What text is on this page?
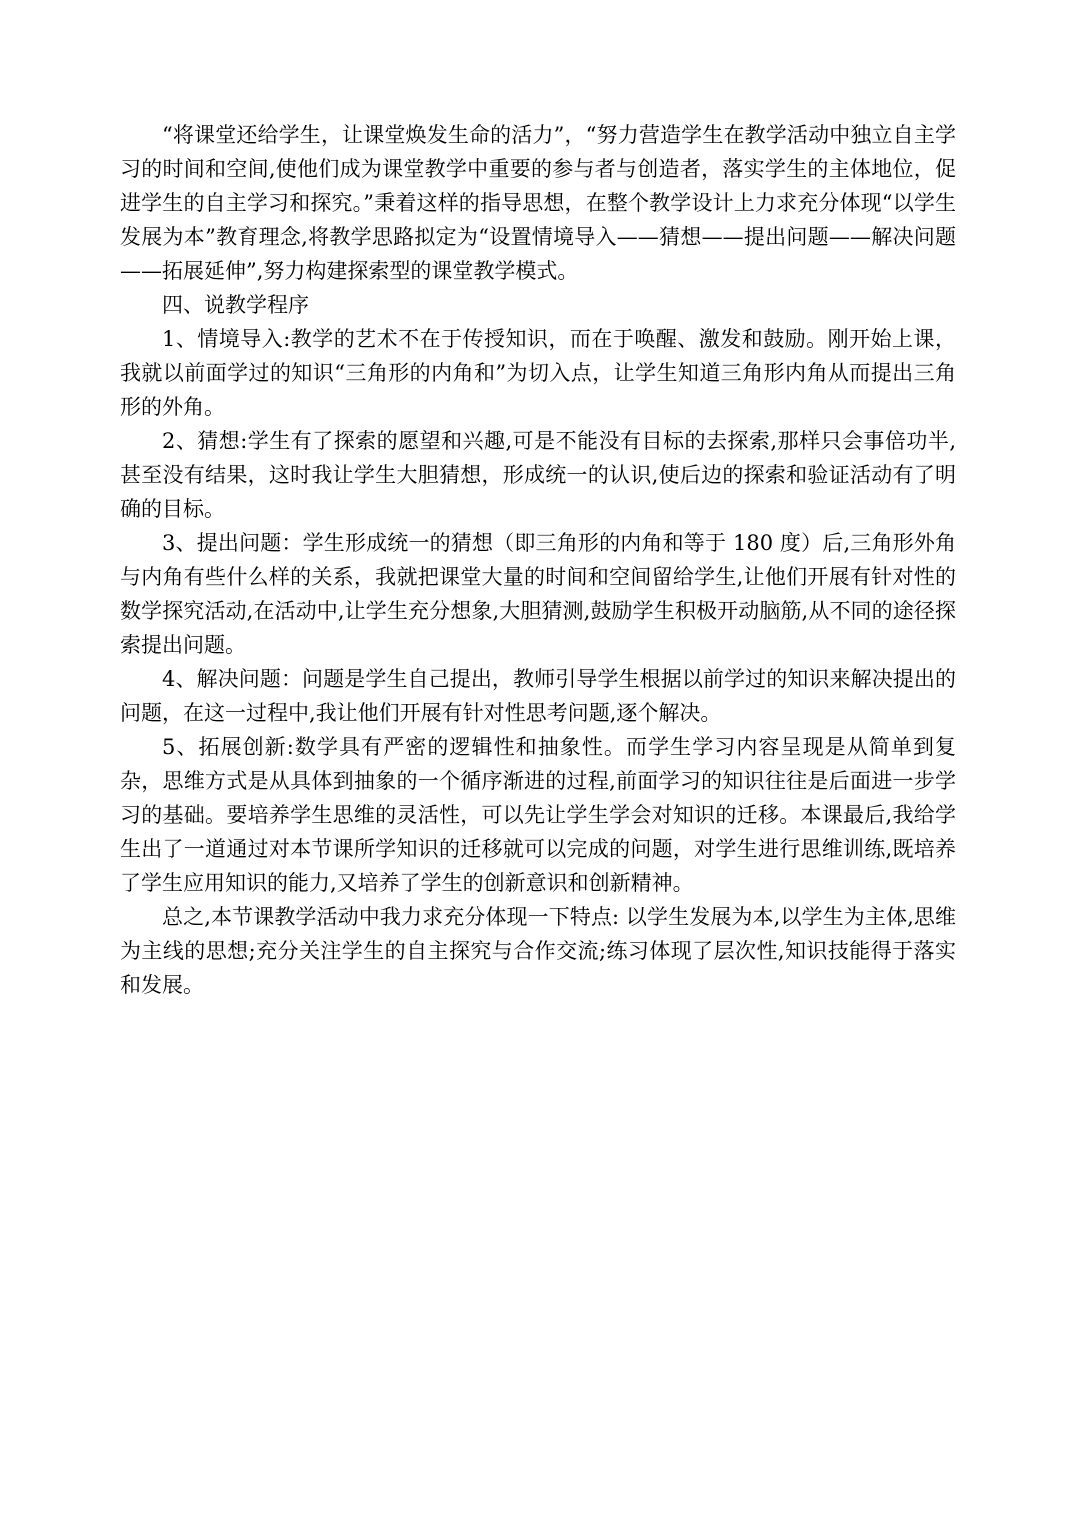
“将课堂还给学生，让课堂焕发生命的活力”，“努力营造学生在教学活动中独立自主学习的时间和空间,使他们成为课堂教学中重要的参与者与创造者，落实学生的主体地位，促进学生的自主学习和探究。”秉着这样的指导思想，在整个教学设计上力求充分体现“以学生发展为本”教育理念,将教学思路拟定为“设置情境导入——猜想——提出问题——解决问题——拓展延伸”,努力构建探索型的课堂教学模式。

四、说教学程序

1、情境导入:教学的艺术不在于传授知识，而在于唤醒、激发和鼓励。刚开始上课，我就以前面学过的知识“三角形的内角和”为切入点，让学生知道三角形内角从而提出三角形的外角。

2、猜想:学生有了探索的愿望和兴趣,可是不能没有目标的去探索,那样只会事倍功半,甚至没有结果，这时我让学生大胆猜想，形成统一的认识,使后边的探索和验证活动有了明确的目标。

3、提出问题：学生形成统一的猜想（即三角形的内角和等于 180 度）后,三角形外角与内角有些什么样的关系，我就把课堂大量的时间和空间留给学生,让他们开展有针对性的数学探究活动,在活动中,让学生充分想象,大胆猜测,鼓励学生积极开动脑筋,从不同的途径探索提出问题。

4、解决问题：问题是学生自己提出，教师引导学生根据以前学过的知识来解决提出的问题，在这一过程中,我让他们开展有针对性思考问题,逐个解决。

5、拓展创新:数学具有严密的逻辑性和抽象性。而学生学习内容呈现是从简单到复杂，思维方式是从具体到抽象的一个循序渐进的过程,前面学习的知识往往是后面进一步学习的基础。要培养学生思维的灵活性，可以先让学生学会对知识的迁移。本课最后,我给学生出了一道通过对本节课所学知识的迁移就可以完成的问题，对学生进行思维训练,既培养了学生应用知识的能力,又培养了学生的创新意识和创新精神。

总之,本节课教学活动中我力求充分体现一下特点: 以学生发展为本,以学生为主体,思维为主线的思想;充分关注学生的自主探究与合作交流;练习体现了层次性,知识技能得于落实和发展。
